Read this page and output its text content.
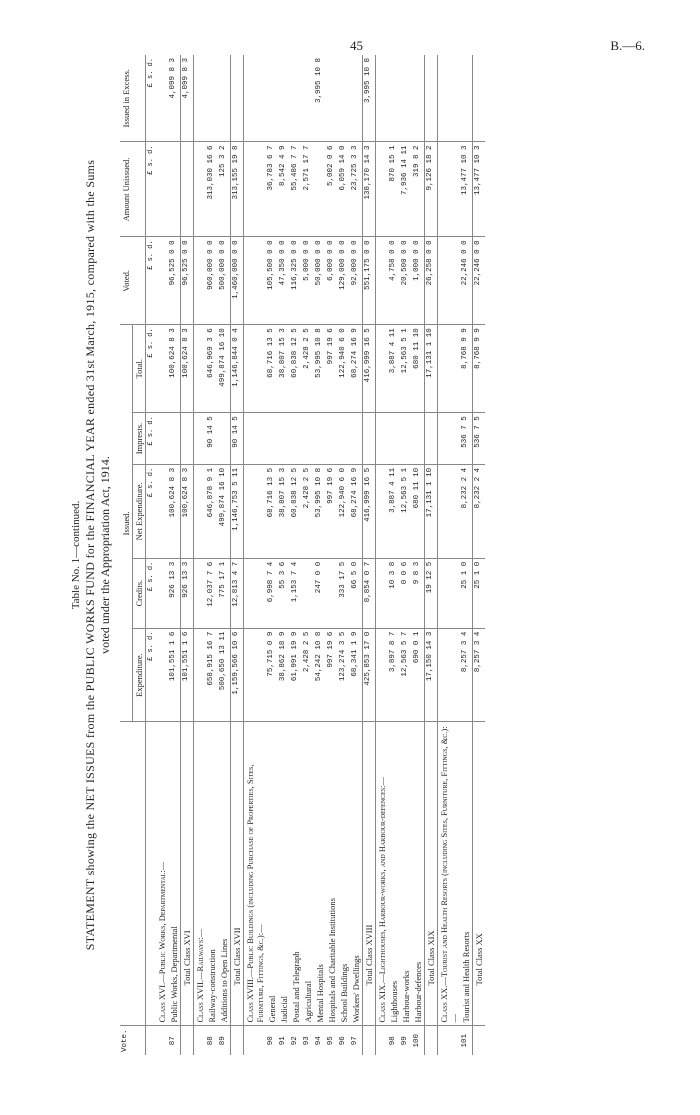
45	B.—6.
Table No. 1—continued. STATEMENT showing the NET ISSUES from the PUBLIC WORKS FUND for the FINANCIAL YEAR ended 31st March, 1915, compared with the Sums voted under the Appropriation Act, 1914.
Vote.		Issued.					Voted.	Amount Unissued.	Issued in Excess.
		Expenditure.	Credits.	Net Expenditure.	Imprests.	Total.			
		£ s. d.	£ s. d.	£ s. d.	£ s. d.	£ s. d.	£ s. d.	£ s. d.	£ s. d.
	Class XVI.—Public Works, Departmental:—								
87	Public Works, Departmental	101,551 1 6	926 13 3	100,624 8 3		100,624 8 3	96,525 0 0		4,099 8 3
	Total Class XVI	101,551 1 6	926 13 3	100,624 8 3		100,624 8 3	96,525 0 0		4,099 8 3
	Class XVII.—Railways:—								
88	Railway-construction	658,915 16 7	12,037 7 6	646,878 9 1	90 14 5	646,969 3 6	960,000 0 0	313,030 16 6	
89	Additions to Open Lines	500,650 13 11	775 17 1	499,874 16 10		499,874 16 10	500,000 0 0	125 3 2	
	Total Class XVII	1,159,566 10 6	12,813 4 7	1,146,753 5 11	90 14 5	1,146,844 0 4	1,460,000 0 0	313,155 19 8	
	Class XVIII.—Public Buildings (including Purchase of Properties, Sites, Furniture, Fittings, &c.):—								
90	General	75,715 0 9	6,998 7 4	68,716 13 5		68,716 13 5	105,500 0 0	36,783 6 7	
91	Judicial	38,862 18 9	55 3 6	38,807 15 3		38,807 15 3	47,350 0 0	8,542 4 9	
92	Postal and Telegraph	61,991 19 9	1,153 7 4	60,838 12 5		60,838 12 5	116,325 0 0	55,486 7 7	
93	Agricultural	2,428 2 5		2,428 2 5		2,428 2 5	5,000 0 0	2,571 17 7	
94	Mental Hospitals	54,242 10 8	247 0 0	53,995 10 8		53,995 10 8	50,000 0 0		3,995 10 8
95	Hospitals and Charitable Institutions	997 19 6		997 19 6		997 19 6	6,000 0 0	5,002 0 6	
96	School Buildings	123,274 3 5	333 17 5	122,940 6 0		122,940 6 0	129,000 0 0	6,059 14 0	
97	Workers' Dwellings	68,341 1 9	66 5 0	68,274 16 9		68,274 16 9	92,000 0 0	23,725 3 3	
	Total Class XVIII	425,853 17 0	8,854 0 7	416,999 16 5		416,999 16 5	551,175 0 0	138,170 14 3	3,995 10 8
	Class XIX.—Lighthouses, Harbour-works, and Harbour-defences:—								
98	Lighthouses	3,897 8 7	10 3 8	3,887 4 11		3,887 4 11	4,758 0 0	870 15 1	
99	Harbour-works	12,563 5 7	0 0 6	12,563 5 1		12,563 5 1	20,500 0 0	7,936 14 11	
100	Harbour-defences	690 0 1	9 8 3	680 11 10		680 11 10	1,000 0 0	319 8 2	
	Total Class XIX	17,150 14 3	19 12 5	17,131 1 10		17,131 1 10	26,258 0 0	9,126 18 2	
	Class XX.—Tourist and Health Resorts (including Sites, Furniture, Fittings, &c.):—								
101	Tourist and Health Resorts	8,257 3 4	25 1 0	8,232 2 4	536 7 5	8,768 9 9	22,246 0 0	13,477 10 3	
	Total Class XX	8,257 3 4	25 1 0	8,232 2 4	536 7 5	8,768 9 9	22,246 0 0	13,477 10 3	
